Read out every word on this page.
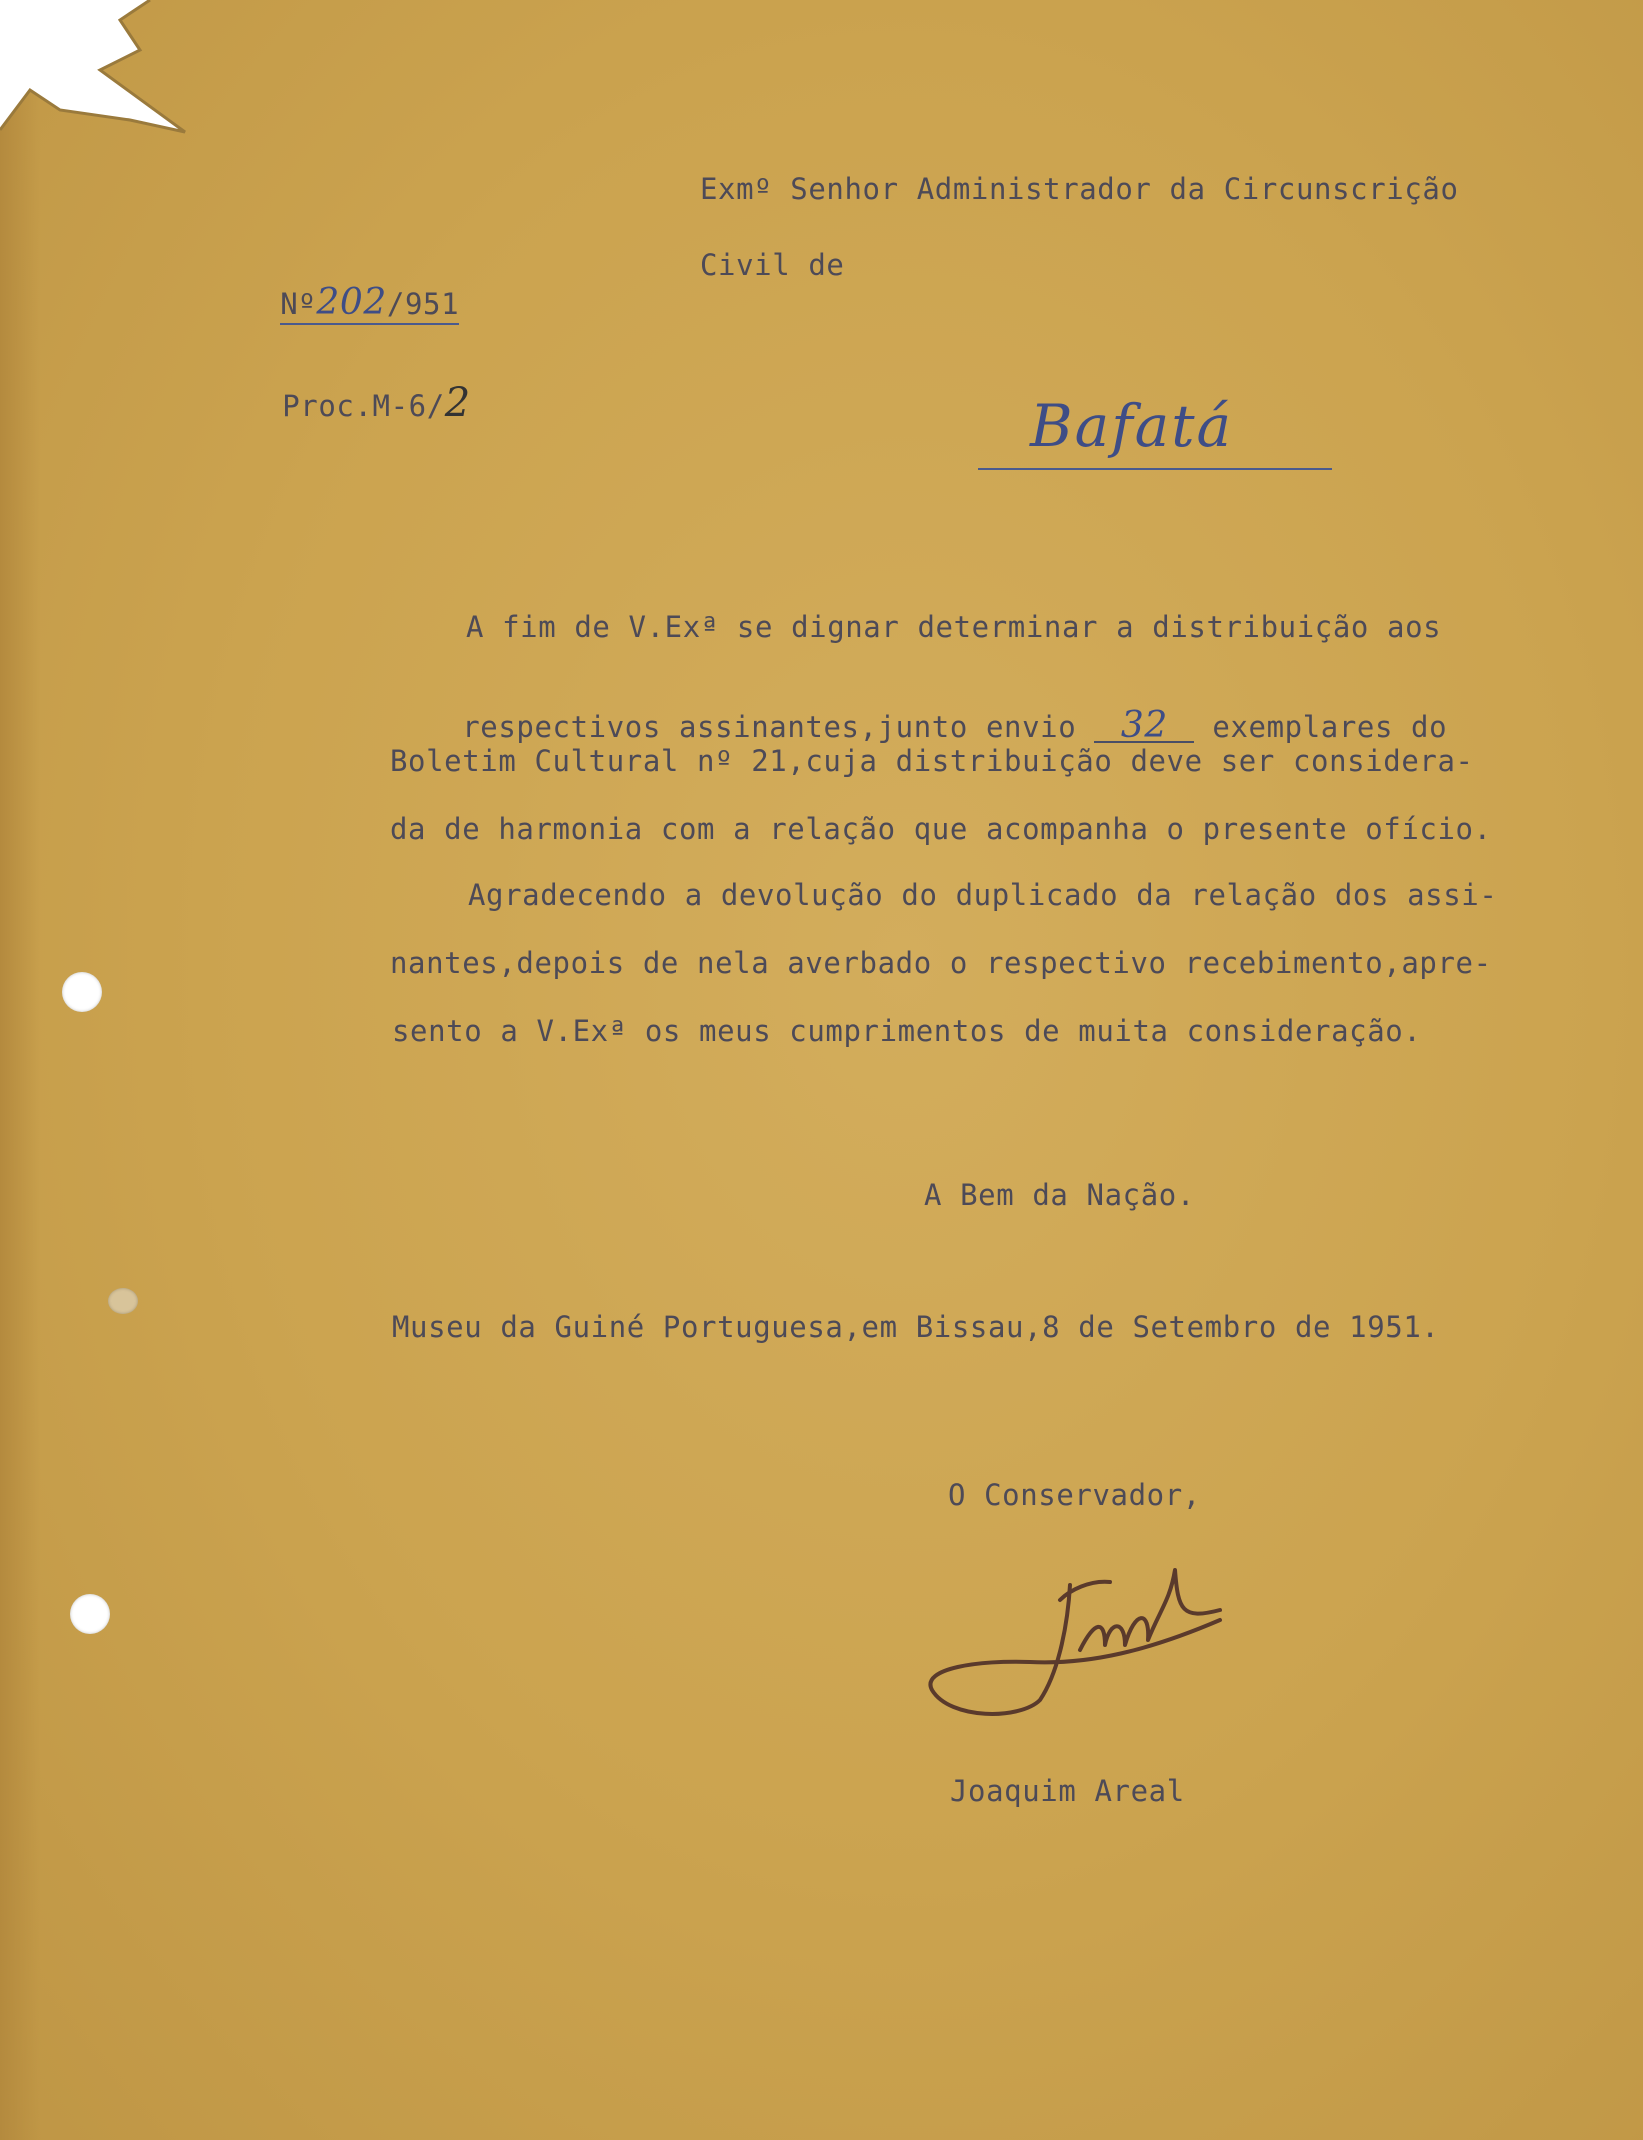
Exmº Senhor Administrador da Circunscrição
Civil de
Bafatá

Nº202/951

Proc.M-6/2

A fim de V.Exª se dignar determinar a distribuição aos

respectivos assinantes,junto envio 32 exemplares do

Boletim Cultural nº 21,cuja distribuição deve ser considera-
da de harmonia com a relação que acompanha o presente ofício.
Agradecendo a devolução do duplicado da relação dos assi-
nantes,depois de nela averbado o respectivo recebimento,apre-
sento a V.Exª os meus cumprimentos de muita consideração.
A Bem da Nação.
Museu da Guiné Portuguesa,em Bissau,8 de Setembro de 1951.
O Conservador,
Joaquim Areal
